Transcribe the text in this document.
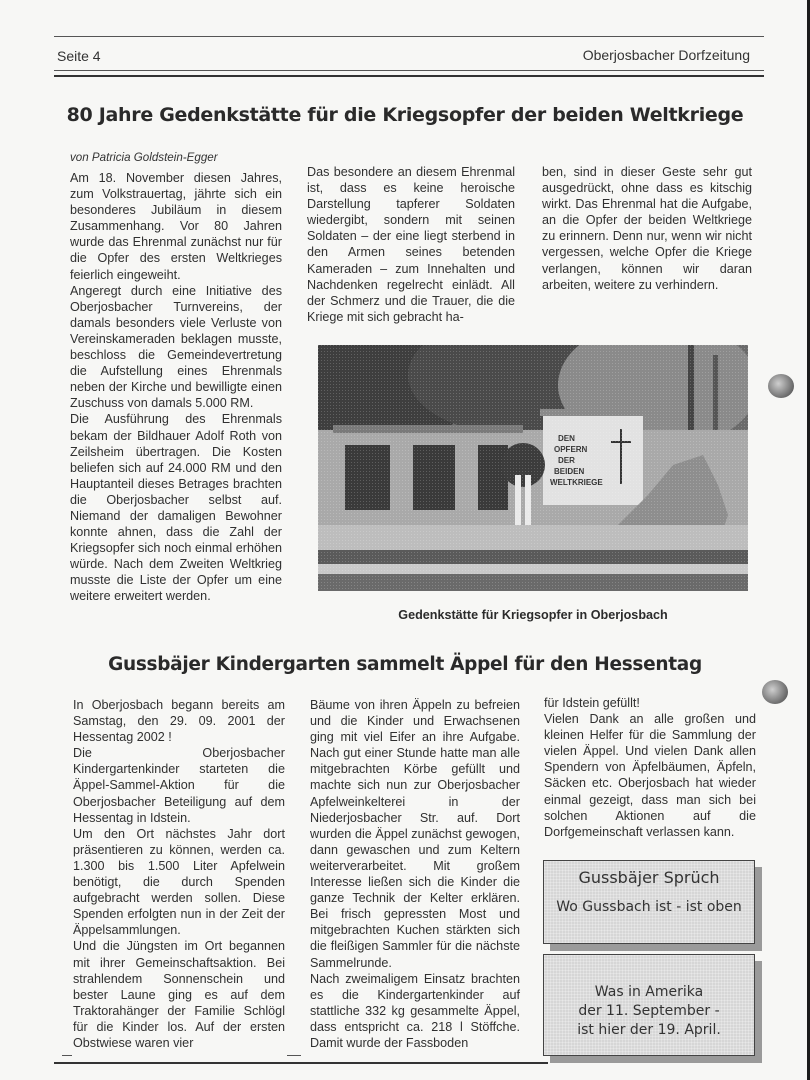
Seite 4	Oberjosbacher Dorfzeitung
80 Jahre Gedenkstätte für die Kriegsopfer der beiden Weltkriege
von Patricia Goldstein-Egger

Am 18. November diesen Jahres, zum Volkstrauertag, jährte sich ein besonderes Jubiläum in diesem Zusammenhang. Vor 80 Jahren wurde das Ehrenmal zunächst nur für die Opfer des ersten Weltkrieges feierlich eingeweiht.

Angeregt durch eine Initiative des Oberjosbacher Turnvereins, der damals besonders viele Verluste von Vereinskameraden beklagen musste, beschloss die Gemeindevertretung die Aufstellung eines Ehrenmals neben der Kirche und bewilligte einen Zuschuss von damals 5.000 RM.

Die Ausführung des Ehrenmals bekam der Bildhauer Adolf Roth von Zeilsheim übertragen. Die Kosten beliefen sich auf 24.000 RM und den Hauptanteil dieses Betrages brachten die Oberjosbacher selbst auf. Niemand der damaligen Bewohner konnte ahnen, dass die Zahl der Kriegsopfer sich noch einmal erhöhen würde. Nach dem Zweiten Weltkrieg musste die Liste der Opfer um eine weitere erweitert werden.

Das besondere an diesem Ehrenmal ist, dass es keine heroische Darstellung tapferer Soldaten wiedergibt, sondern mit seinen Soldaten – der eine liegt sterbend in den Armen seines betenden Kameraden – zum Innehalten und Nachdenken regelrecht einlädt. All der Schmerz und die Trauer, die die Kriege mit sich gebracht ha-

ben, sind in dieser Geste sehr gut ausgedrückt, ohne dass es kitschig wirkt. Das Ehrenmal hat die Aufgabe, an die Opfer der beiden Weltkriege zu erinnern. Denn nur, wenn wir nicht vergessen, welche Opfer die Kriege verlangen, können wir daran arbeiten, weitere zu verhindern.

Gedenkstätte für Kriegsopfer in Oberjosbach
Gussbäjer Kindergarten sammelt Äppel für den Hessentag

In Oberjosbach begann bereits am Samstag, den 29. 09. 2001 der Hessentag 2002 !

Die Oberjosbacher Kindergartenkinder starteten die Äppel-Sammel-Aktion für die Oberjosbacher Beteiligung auf dem Hessentag in Idstein.

Um den Ort nächstes Jahr dort präsentieren zu können, werden ca. 1.300 bis 1.500 Liter Apfelwein benötigt, die durch Spenden aufgebracht werden sollen. Diese Spenden erfolgten nun in der Zeit der Äppelsammlungen.

Und die Jüngsten im Ort begannen mit ihrer Gemeinschaftsaktion. Bei strahlendem Sonnenschein und bester Laune ging es auf dem Traktorahänger der Familie Schlögl für die Kinder los. Auf der ersten Obstwiese waren vier

Bäume von ihren Äppeln zu befreien und die Kinder und Erwachsenen ging mit viel Eifer an ihre Aufgabe. Nach gut einer Stunde hatte man alle mitgebrachten Körbe gefüllt und machte sich nun zur Oberjosbacher Apfelweinkelterei in der Niederjosbacher Str. auf. Dort wurden die Äppel zunächst gewogen, dann gewaschen und zum Keltern weiterverarbeitet. Mit großem Interesse ließen sich die Kinder die ganze Technik der Kelter erklären. Bei frisch gepressten Most und mitgebrachten Kuchen stärkten sich die fleißigen Sammler für die nächste Sammelrunde.

Nach zweimaligem Einsatz brachten es die Kindergartenkinder auf stattliche 332 kg gesammelte Äppel, dass entspricht ca. 218 l Stöffche. Damit wurde der Fassboden

für Idstein gefüllt!

Vielen Dank an alle großen und kleinen Helfer für die Sammlung der vielen Äppel. Und vielen Dank allen Spendern von Äpfelbäumen, Äpfeln, Säcken etc. Oberjosbach hat wieder einmal gezeigt, dass man sich bei solchen Aktionen auf die Dorfgemeinschaft verlassen kann.

Gussbäjer Sprüch
Wo Gussbach ist - ist oben
Was in Amerika
der 11. September -
ist hier der 19. April.
